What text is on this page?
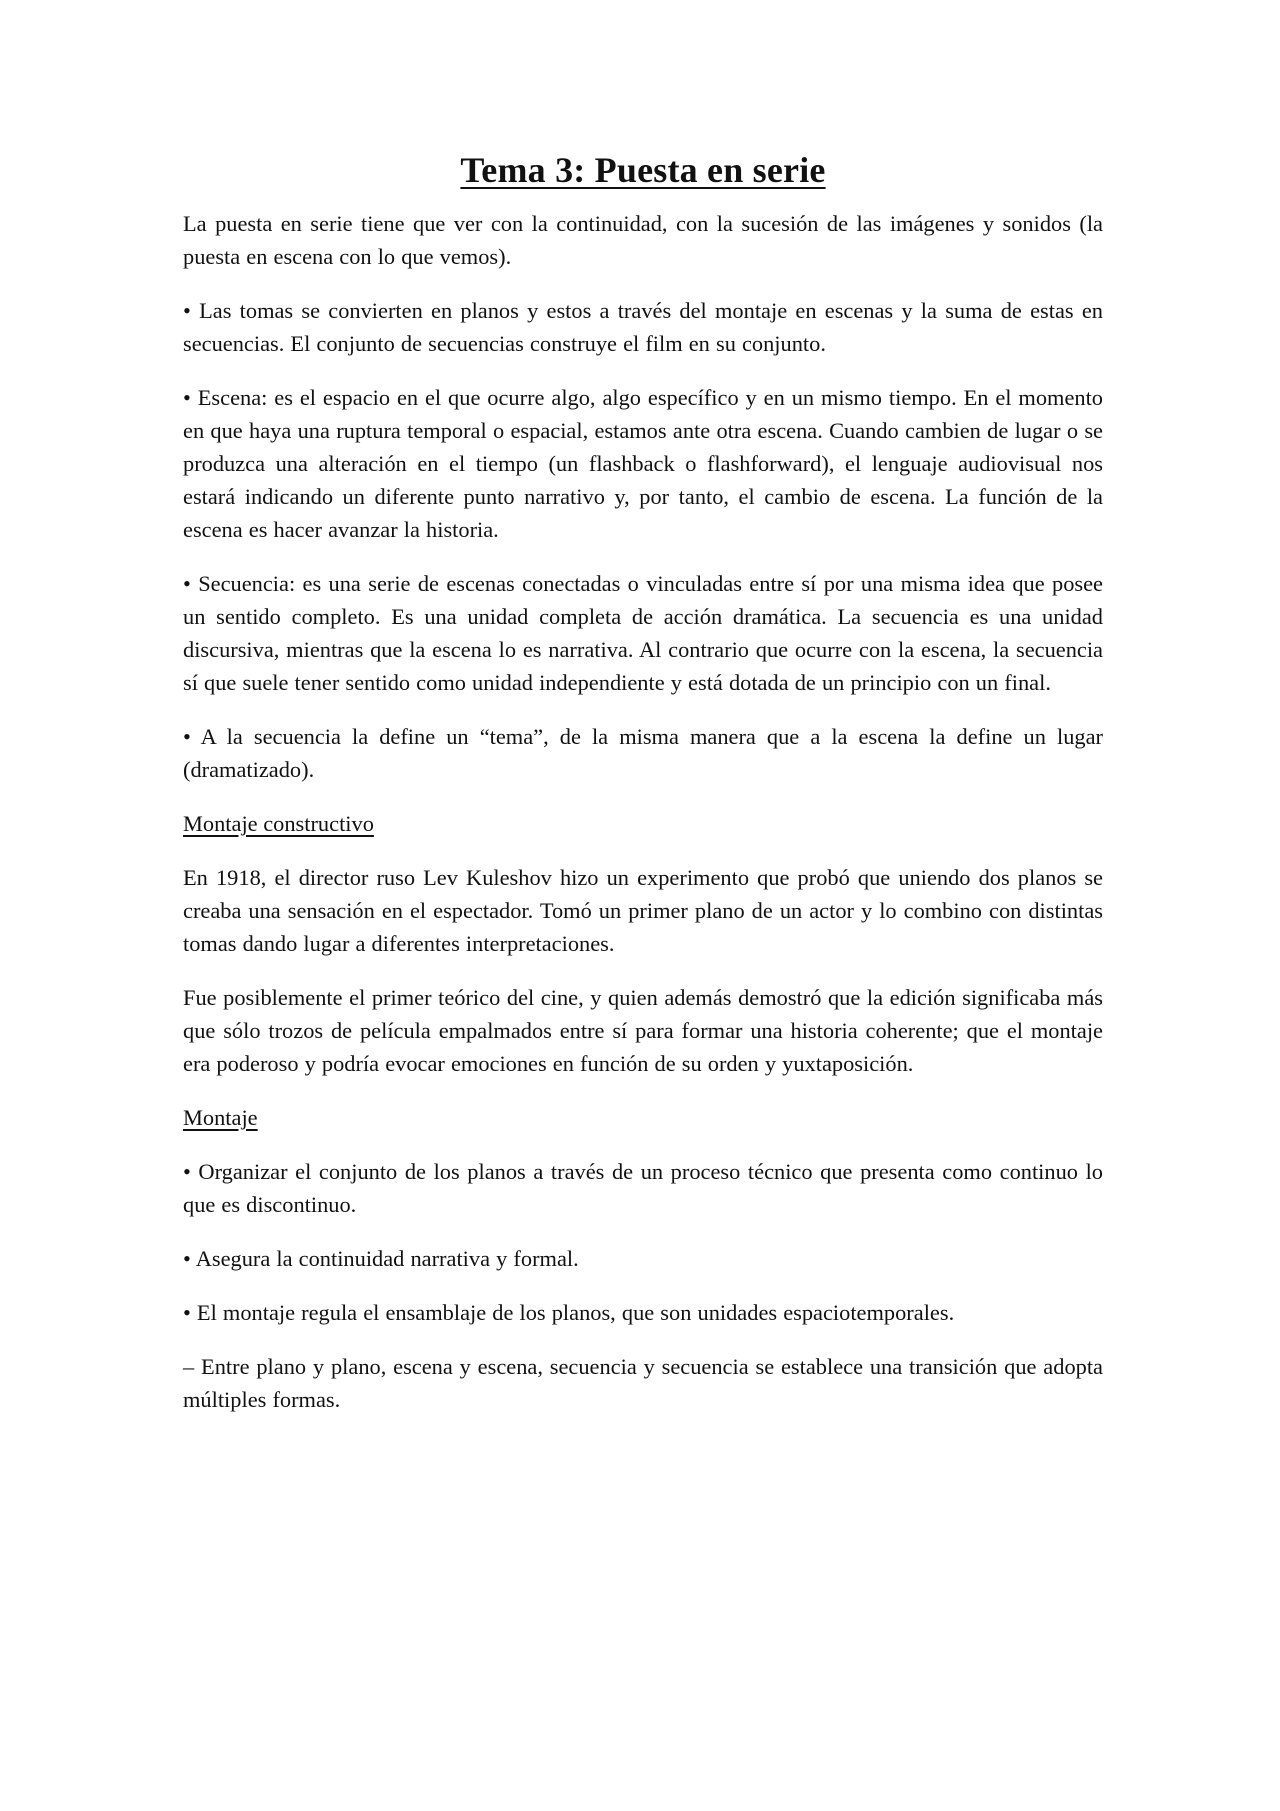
Tema 3: Puesta en serie

La puesta en serie tiene que ver con la continuidad, con la sucesión de las imágenes y sonidos (la puesta en escena con lo que vemos).

• Las tomas se convierten en planos y estos a través del montaje en escenas y la suma de estas en secuencias. El conjunto de secuencias construye el film en su conjunto.

• Escena: es el espacio en el que ocurre algo, algo específico y en un mismo tiempo. En el momento en que haya una ruptura temporal o espacial, estamos ante otra escena. Cuando cambien de lugar o se produzca una alteración en el tiempo (un flashback o flashforward), el lenguaje audiovisual nos estará indicando un diferente punto narrativo y, por tanto, el cambio de escena. La función de la escena es hacer avanzar la historia.

• Secuencia: es una serie de escenas conectadas o vinculadas entre sí por una misma idea que posee un sentido completo. Es una unidad completa de acción dramática. La secuencia es una unidad discursiva, mientras que la escena lo es narrativa. Al contrario que ocurre con la escena, la secuencia sí que suele tener sentido como unidad independiente y está dotada de un principio con un final.

• A la secuencia la define un “tema”, de la misma manera que a la escena la define un lugar (dramatizado).

Montaje constructivo

En 1918, el director ruso Lev Kuleshov hizo un experimento que probó que uniendo dos planos se creaba una sensación en el espectador. Tomó un primer plano de un actor y lo combino con distintas tomas dando lugar a diferentes interpretaciones.

Fue posiblemente el primer teórico del cine, y quien además demostró que la edición significaba más que sólo trozos de película empalmados entre sí para formar una historia coherente; que el montaje era poderoso y podría evocar emociones en función de su orden y yuxtaposición.

Montaje

• Organizar el conjunto de los planos a través de un proceso técnico que presenta como continuo lo que es discontinuo.

• Asegura la continuidad narrativa y formal.

• El montaje regula el ensamblaje de los planos, que son unidades espaciotemporales.

– Entre plano y plano, escena y escena, secuencia y secuencia se establece una transición que adopta múltiples formas.
